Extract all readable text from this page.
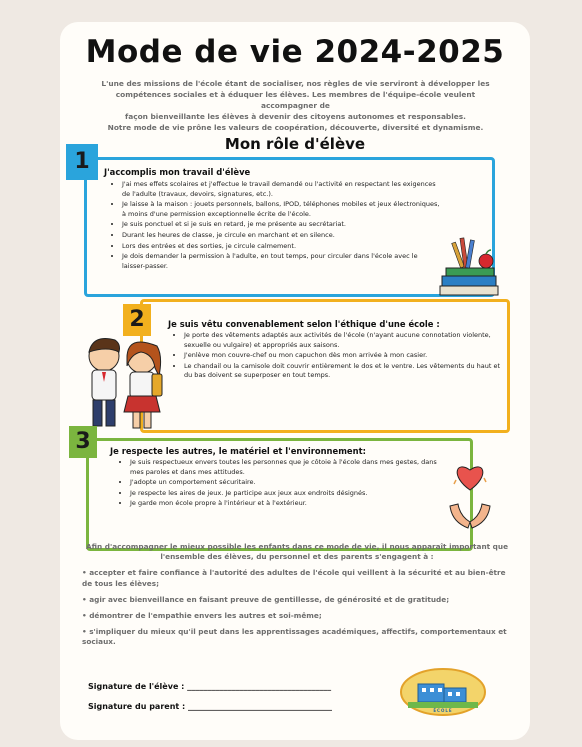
Mode de vie 2024-2025
L'une des missions de l'école étant de socialiser, nos règles de vie serviront à développer les
compétences sociales et à éduquer les élèves. Les membres de l'équipe-école veulent accompagner de
façon bienveillante les élèves à devenir des citoyens autonomes et responsables.
Notre mode de vie prône les valeurs de coopération, découverte, diversité et dynamisme.
Mon rôle d'élève
1	J'accomplis mon travail d'élève
• J'ai mes effets scolaires et j'effectue le travail demandé ou l'activité en respectant les exigences de l'adulte (travaux, devoirs, signatures, etc.).
• Je laisse à la maison : jouets personnels, ballons, IPOD, téléphones mobiles et jeux électroniques, à moins d'une permission exceptionnelle écrite de l'école.
• Je suis ponctuel et si je suis en retard, je me présente au secrétariat.
• Durant les heures de classe, je circule en marchant et en silence.
• Lors des entrées et des sorties, je circule calmement.
• Je dois demander la permission à l'adulte, en tout temps, pour circuler dans l'école avec le laisser-passer.
2	Je suis vêtu convenablement selon l'éthique d'une école :
• Je porte des vêtements adaptés aux activités de l'école (n'ayant aucune connotation violente, sexuelle ou vulgaire) et appropriés aux saisons.
• J'enlève mon couvre-chef ou mon capuchon dès mon arrivée à mon casier.
• Le chandail ou la camisole doit couvrir entièrement le dos et le ventre. Les vêtements du haut et du bas doivent se superposer en tout temps.
3	Je respecte les autres, le matériel et l'environnement:
• Je suis respectueux envers toutes les personnes que je côtoie à l'école dans mes gestes, dans mes paroles et dans mes attitudes.
• J'adopte un comportement sécuritaire.
• Je respecte les aires de jeux. Je participe aux jeux aux endroits désignés.
• Je garde mon école propre à l'intérieur et à l'extérieur.

Afin d'accompagner le mieux possible les enfants dans ce mode de vie, il nous apparaît important que l'ensemble des élèves, du personnel et des parents s'engagent à :

• accepter et faire confiance à l'autorité des adultes de l'école qui veillent à la sécurité et au bien-être de tous les élèves;

• agir avec bienveillance en faisant preuve de gentillesse, de générosité et de gratitude;

• démontrer de l'empathie envers les autres et soi-même;

• s'impliquer du mieux qu'il peut dans les apprentissages académiques, affectifs, comportementaux et sociaux.

Signature de l'élève : ____________________________________
Signature du parent : ____________________________________	ÉCOLE
